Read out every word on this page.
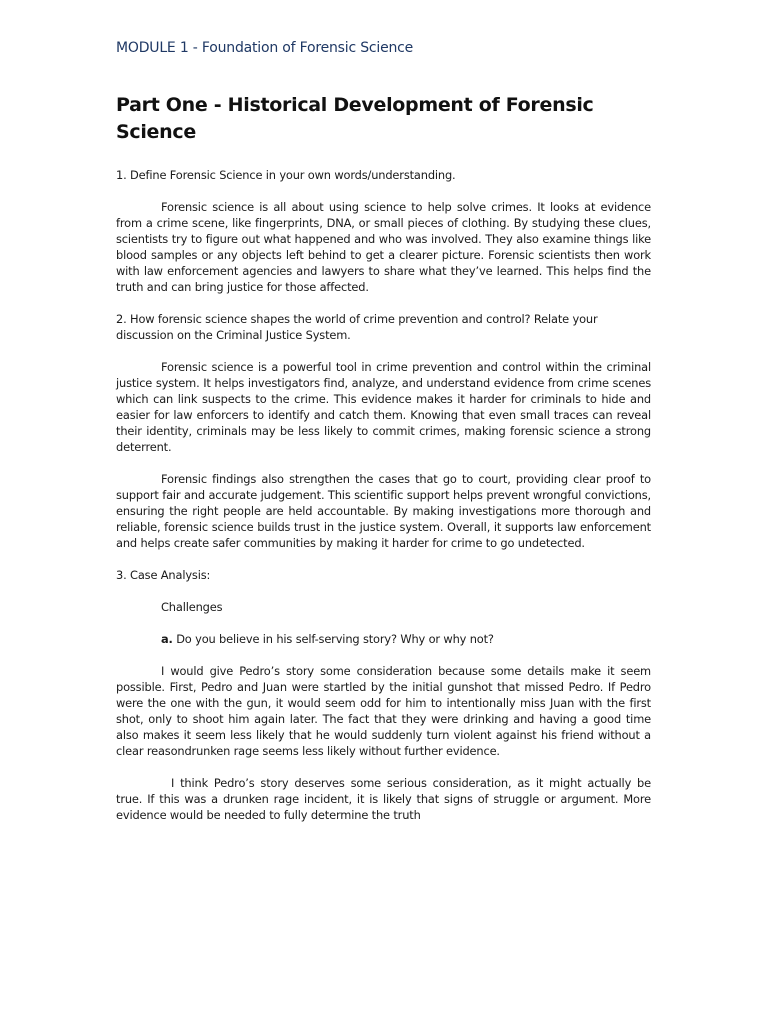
MODULE 1 - Foundation of Forensic Science
Part One - Historical Development of Forensic Science

1. Define Forensic Science in your own words/understanding.

Forensic science is all about using science to help solve crimes. It looks at evidence from a crime scene, like fingerprints, DNA, or small pieces of clothing. By studying these clues, scientists try to figure out what happened and who was involved. They also examine things like blood samples or any objects left behind to get a clearer picture. Forensic scientists then work with law enforcement agencies and lawyers to share what they’ve learned. This helps find the truth and can bring justice for those affected.

2. How forensic science shapes the world of crime prevention and control? Relate your discussion on the Criminal Justice System.

Forensic science is a powerful tool in crime prevention and control within the criminal justice system. It helps investigators find, analyze, and understand evidence from crime scenes which can link suspects to the crime. This evidence makes it harder for criminals to hide and easier for law enforcers to identify and catch them. Knowing that even small traces can reveal their identity, criminals may be less likely to commit crimes, making forensic science a strong deterrent.

Forensic findings also strengthen the cases that go to court, providing clear proof to support fair and accurate judgement. This scientific support helps prevent wrongful convictions, ensuring the right people are held accountable. By making investigations more thorough and reliable, forensic science builds trust in the justice system. Overall, it supports law enforcement and helps create safer communities by making it harder for crime to go undetected.

3. Case Analysis:

Challenges

a. Do you believe in his self-serving story? Why or why not?

I would give Pedro’s story some consideration because some details make it seem possible. First, Pedro and Juan were startled by the initial gunshot that missed Pedro. If Pedro were the one with the gun, it would seem odd for him to intentionally miss Juan with the first shot, only to shoot him again later. The fact that they were drinking and having a good time also makes it seem less likely that he would suddenly turn violent against his friend without a clear reasondrunken rage seems less likely without further evidence.

I think Pedro’s story deserves some serious consideration, as it might actually be true. If this was a drunken rage incident, it is likely that signs of struggle or argument. More evidence would be needed to fully determine the truth
